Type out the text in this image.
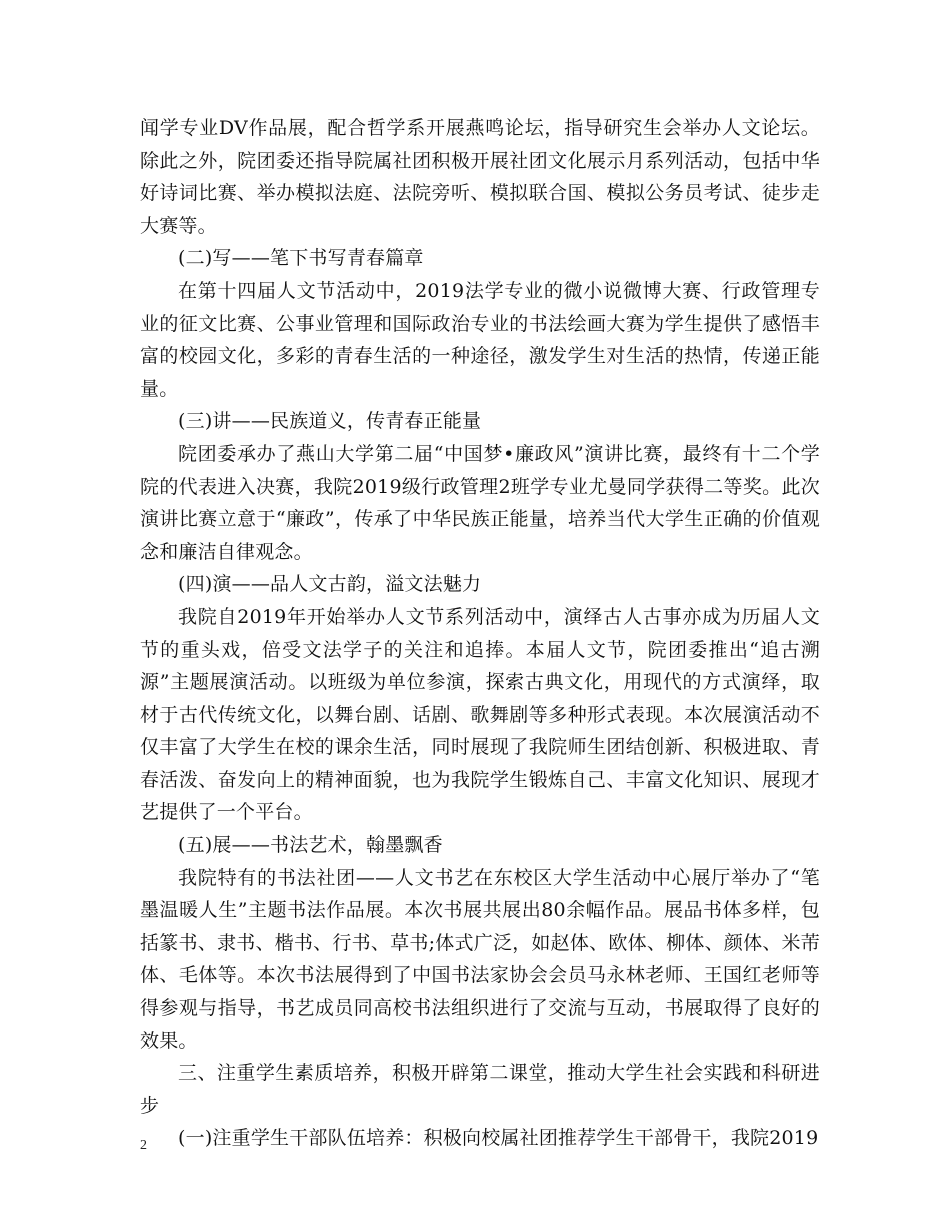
闻学专业DV作品展，配合哲学系开展燕鸣论坛，指导研究生会举办人文论坛。除此之外，院团委还指导院属社团积极开展社团文化展示月系列活动，包括中华好诗词比赛、举办模拟法庭、法院旁听、模拟联合国、模拟公务员考试、徒步走大赛等。

(二)写——笔下书写青春篇章

在第十四届人文节活动中，2019法学专业的微小说微博大赛、行政管理专业的征文比赛、公事业管理和国际政治专业的书法绘画大赛为学生提供了感悟丰富的校园文化，多彩的青春生活的一种途径，激发学生对生活的热情，传递正能量。

(三)讲——民族道义，传青春正能量

院团委承办了燕山大学第二届“中国梦•廉政风”演讲比赛，最终有十二个学院的代表进入决赛，我院2019级行政管理2班学专业尤曼同学获得二等奖。此次演讲比赛立意于“廉政”，传承了中华民族正能量，培养当代大学生正确的价值观念和廉洁自律观念。

(四)演——品人文古韵，溢文法魅力

我院自2019年开始举办人文节系列活动中，演绎古人古事亦成为历届人文节的重头戏，倍受文法学子的关注和追捧。本届人文节，院团委推出“追古溯源”主题展演活动。以班级为单位参演，探索古典文化，用现代的方式演绎，取材于古代传统文化，以舞台剧、话剧、歌舞剧等多种形式表现。本次展演活动不仅丰富了大学生在校的课余生活，同时展现了我院师生团结创新、积极进取、青春活泼、奋发向上的精神面貌，也为我院学生锻炼自己、丰富文化知识、展现才艺提供了一个平台。

(五)展——书法艺术，翰墨飘香

我院特有的书法社团——人文书艺在东校区大学生活动中心展厅举办了“笔墨温暖人生”主题书法作品展。本次书展共展出80余幅作品。展品书体多样，包括篆书、隶书、楷书、行书、草书;体式广泛，如赵体、欧体、柳体、颜体、米芾体、毛体等。本次书法展得到了中国书法家协会会员马永林老师、王国红老师等得参观与指导，书艺成员同高校书法组织进行了交流与互动，书展取得了良好的效果。

三、注重学生素质培养，积极开辟第二课堂，推动大学生社会实践和科研进步

(一)注重学生干部队伍培养：积极向校属社团推荐学生干部骨干，我院2019

2
